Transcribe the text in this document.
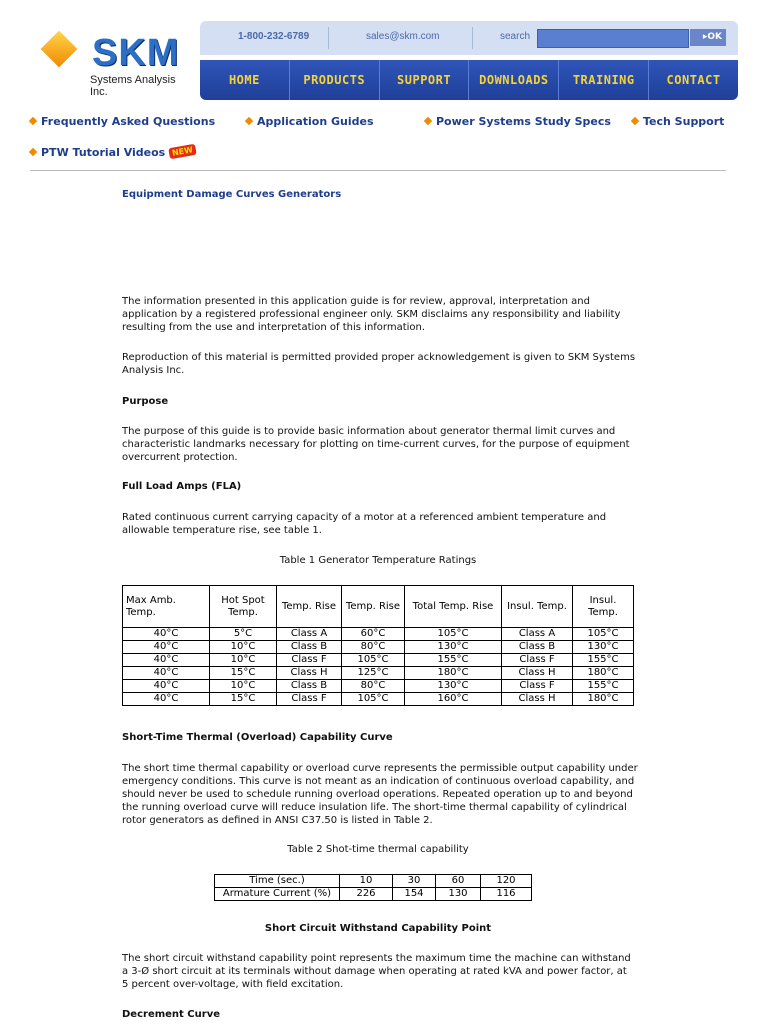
SKM
Systems Analysis Inc.
1-800-232-6789	sales@skm.com	search	▸OK
HOME	PRODUCTS	SUPPORT	DOWNLOADS	TRAINING	CONTACT
Frequently Asked Questions	Application Guides	Power Systems Study Specs	Tech Support
PTW Tutorial Videos NEW
Equipment Damage Curves Generators

The information presented in this application guide is for review, approval, interpretation and application by a registered professional engineer only. SKM disclaims any responsibility and liability resulting from the use and interpretation of this information.

Reproduction of this material is permitted provided proper acknowledgement is given to SKM Systems Analysis Inc.

Purpose

The purpose of this guide is to provide basic information about generator thermal limit curves and characteristic landmarks necessary for plotting on time-current curves, for the purpose of equipment overcurrent protection.

Full Load Amps (FLA)

Rated continuous current carrying capacity of a motor at a referenced ambient temperature and allowable temperature rise, see table 1.

Table 1 Generator Temperature Ratings
Max Amb. Temp.	Hot Spot Temp.	Temp. Rise	Temp. Rise	Total Temp. Rise	Insul. Temp.	Insul. Temp.
40°C	5°C	Class A	60°C	105°C	Class A	105°C
40°C	10°C	Class B	80°C	130°C	Class B	130°C
40°C	10°C	Class F	105°C	155°C	Class F	155°C
40°C	15°C	Class H	125°C	180°C	Class H	180°C
40°C	10°C	Class B	80°C	130°C	Class F	155°C
40°C	15°C	Class F	105°C	160°C	Class H	180°C
Short-Time Thermal (Overload) Capability Curve

The short time thermal capability or overload curve represents the permissible output capability under emergency conditions. This curve is not meant as an indication of continuous overload capability, and should never be used to schedule running overload operations. Repeated operation up to and beyond the running overload curve will reduce insulation life. The short-time thermal capability of cylindrical rotor generators as defined in ANSI C37.50 is listed in Table 2.

Table 2 Shot-time thermal capability
Time (sec.)	10	30	60	120
Armature Current (%)	226	154	130	116
Short Circuit Withstand Capability Point

The short circuit withstand capability point represents the maximum time the machine can withstand a 3-Ø short circuit at its terminals without damage when operating at rated kVA and power factor, at 5 percent over-voltage, with field excitation.

Decrement Curve
